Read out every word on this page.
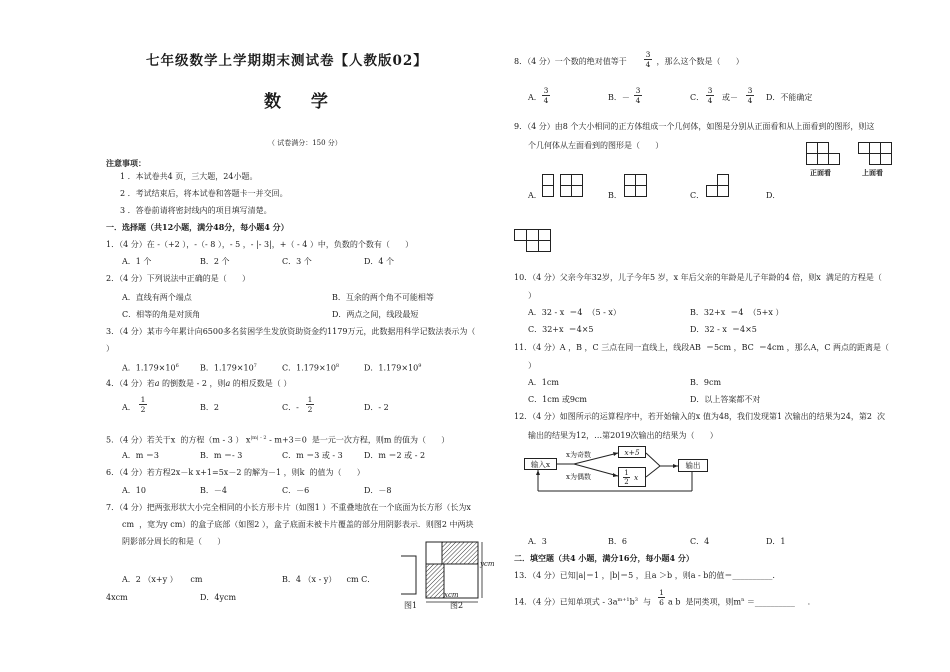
七年级数学上学期期末测试卷【人教版02】
数  学
（ 试卷满分：150 分）
注意事项：
1 ．本试卷共4 页，三大题，24小题。
2 ．考试结束后，将本试卷和答题卡一并交回。
3 ．答卷前请将密封线内的项目填写清楚。
一．选择题（共12小题，满分48分，每小题4 分）
1．（4 分）在 -（+2 ），-（- 8 ），- 5 ，- |- 3|，+（ - 4 ）中，负数的个数有（      ）
A．1 个	B．2 个	C．3 个	D．4 个
2．（4 分）下列说法中正确的是（      ）
A．直线有两个端点	B．互余的两个角不可能相等
C．相等的角是对顶角	D．两点之间，线段最短
3．（4 分）某市今年累计向6500多名贫困学生发放资助资金约1179万元，此数据用科学记数法表示为（
）
A．$1.179\times 10^6$	B．$1.179\times 10^7$	C．$1.179\times 10^8$	D．$1.179\times 10^9$
4．（4 分）若a 的倒数是 - 2 ，则a 的相反数是（ ）
A．
1
2	B．2	C．-
1
2	D．- 2
5．（4 分）若关于x  的方程（m - 3 ） $x^{|m| - 2} - m+3=0$  是一元一次方程，则m 的值为（      ）
A．m ＝3	B．m ＝- 3	C．m ＝3 或 - 3	D．m ＝2 或 - 2
6．（4 分）若方程2x－k x+1=5x－2 的解为－1 ，则k  的值为（      ）
A．10	B．－4	C．－6	D．－8
7．（4 分）把两张形状大小完全相同的小长方形卡片（如图1 ）不重叠地放在一个底面为长方形（长为x
cm  ，宽为y cm）的盒子底部（如图2 ），盒子底面未被卡片覆盖的部分用阴影表示．则图2 中两块
阴影部分周长的和是（      ）
A．2 （x+y ）     cm	B．4 （x - y）    cm C．
4xcm	D．4ycm
ycm
xcm
图1	图2
8．（4 分）一个数的绝对值等于
3
4 ，那么这个数是（      ）
A．
3
4	B．－
3
4	C．
3
4 或－
3
4 D．不能确定
9．（4 分）由8 个大小相同的正方体组成一个几何体，如图是分别从正面看和从上面看到的图形，则这
个几何体从左面看到的图形是（      ）
正面看	上面看
A．	B．	C．	D．
10．（4 分）父亲今年32岁，儿子今年5 岁，x 年后父亲的年龄是儿子年龄的4 倍，则x  满足的方程是（
）
A．32 - x  ＝4  （5 - x）	B．32+x  ＝4  （5+x ）
C．32+x  ＝4×5	D．32 - x  ＝4×5
11．（4 分）A ，B ，C 三点在同一直线上，线段AB  ＝5cm ，BC  ＝4cm ，那么A，C 两点的距离是（
）
A．1cm	B．9cm
C．1cm 或9cm	D．以上答案都不对
12．（4 分）如图所示的运算程序中，若开始输入的x 值为48，我们发现第1 次输出的结果为24，第2  次
输出的结果为12，…第2019次输出的结果为（      ）
输入x
x为奇数
x为偶数
x+5
1
2 x
输出
A．3	B．6	C．4	D．1
二．填空题（共4 小题，满分16分，每小题4 分）
13．（4 分）已知|a|＝1 ，|b|＝5 ，且a ＞b ，则a - b的值＝__________.
14．（4 分）已知单项式 - $3a^{m+1}b^3$  与
1
6 a b  是同类项，则$m^n$ ＝__________     .
